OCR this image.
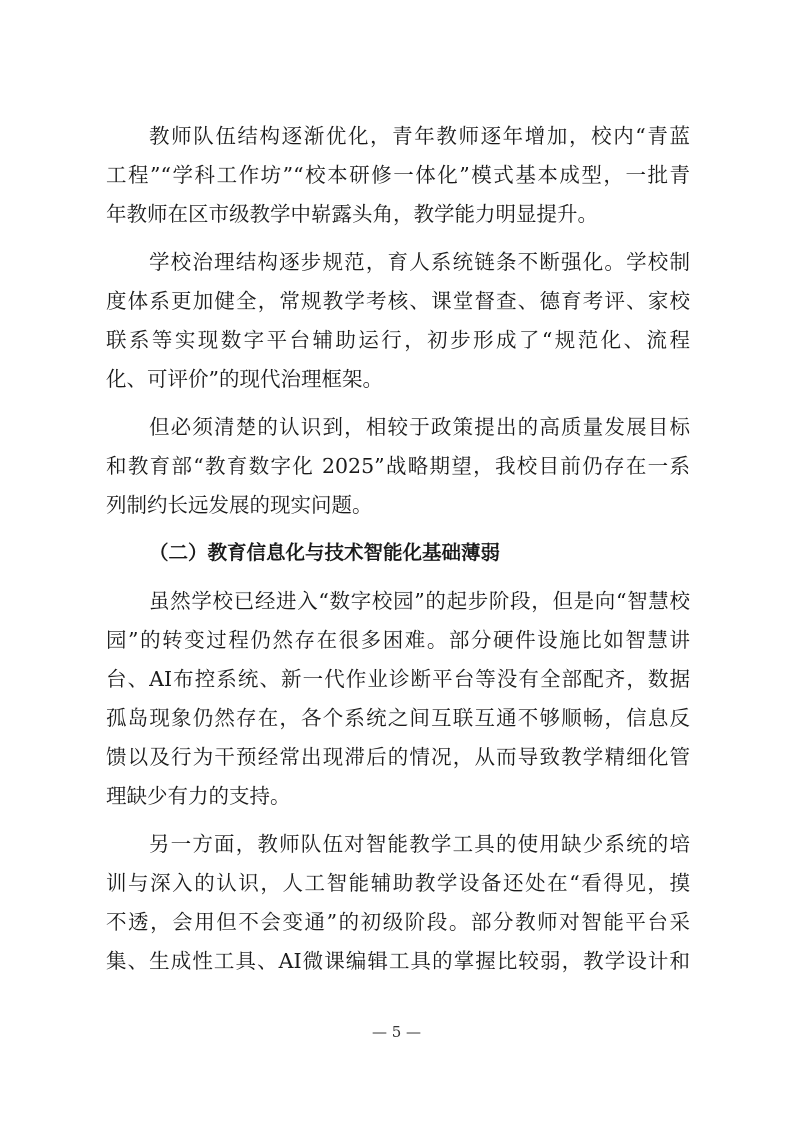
教师队伍结构逐渐优化，青年教师逐年增加，校内“青蓝
工程”“学科工作坊”“校本研修一体化”模式基本成型，一批青
年教师在区市级教学中崭露头角，教学能力明显提升。
学校治理结构逐步规范，育人系统链条不断强化。学校制
度体系更加健全，常规教学考核、课堂督查、德育考评、家校
联系等实现数字平台辅助运行，初步形成了“规范化、流程
化、可评价”的现代治理框架。
但必须清楚的认识到，相较于政策提出的高质量发展目标
和教育部“教育数字化 2025”战略期望，我校目前仍存在一系
列制约长远发展的现实问题。
（二）教育信息化与技术智能化基础薄弱
虽然学校已经进入“数字校园”的起步阶段，但是向“智慧校
园”的转变过程仍然存在很多困难。部分硬件设施比如智慧讲
台、AI布控系统、新一代作业诊断平台等没有全部配齐，数据
孤岛现象仍然存在，各个系统之间互联互通不够顺畅，信息反
馈以及行为干预经常出现滞后的情况，从而导致教学精细化管
理缺少有力的支持。
另一方面，教师队伍对智能教学工具的使用缺少系统的培
训与深入的认识，人工智能辅助教学设备还处在“看得见，摸
不透，会用但不会变通”的初级阶段。部分教师对智能平台采
集、生成性工具、AI微课编辑工具的掌握比较弱，教学设计和
— 5 —
